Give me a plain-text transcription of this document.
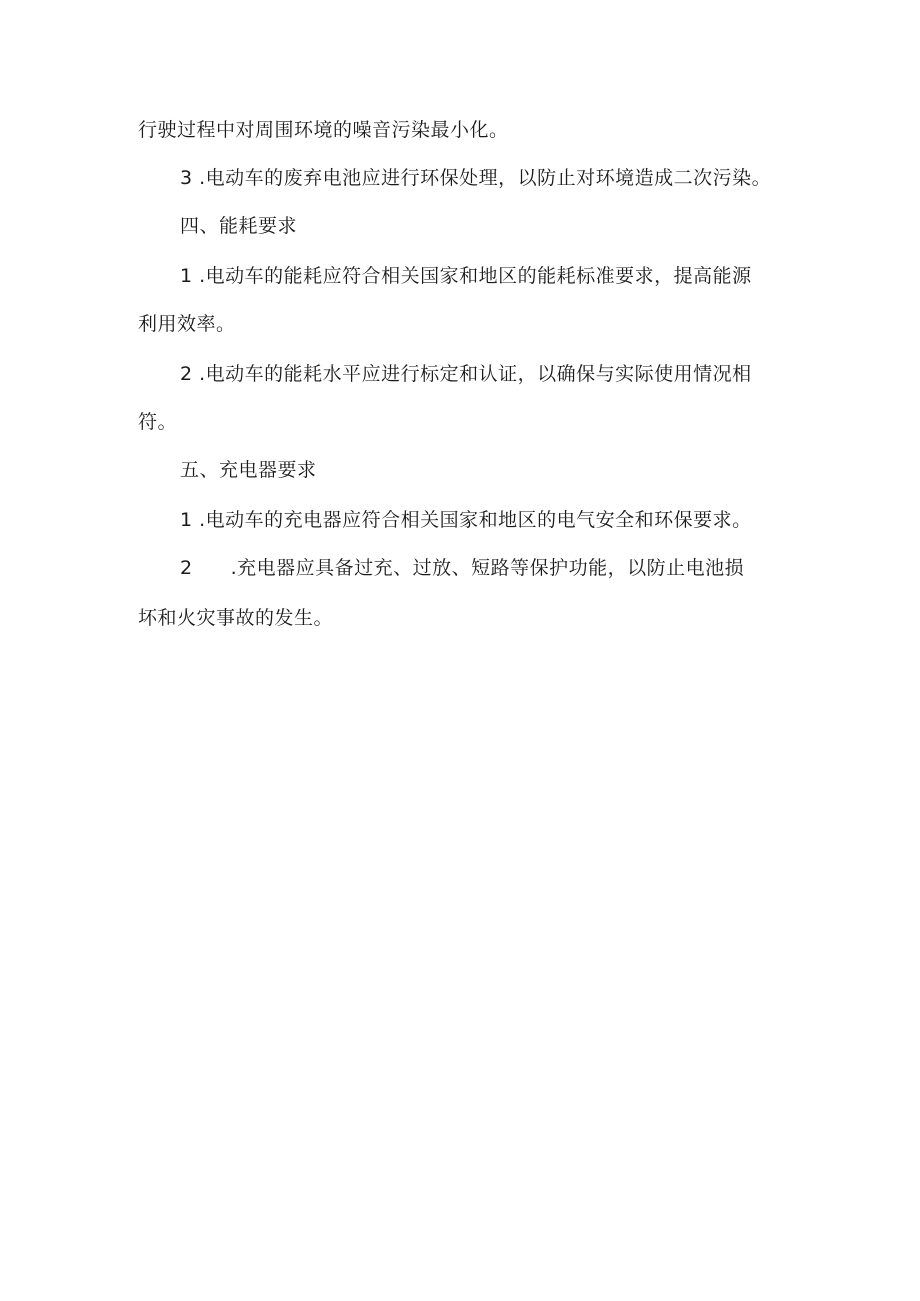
行驶过程中对周围环境的噪音污染最小化。
3 .电动车的废弃电池应进行环保处理，以防止对环境造成二次污染。
四、能耗要求
1 .电动车的能耗应符合相关国家和地区的能耗标准要求，提高能源
利用效率。
2 .电动车的能耗水平应进行标定和认证，以确保与实际使用情况相
符。
五、充电器要求
1 .电动车的充电器应符合相关国家和地区的电气安全和环保要求。
2 .充电器应具备过充、过放、短路等保护功能，以防止电池损
坏和火灾事故的发生。
